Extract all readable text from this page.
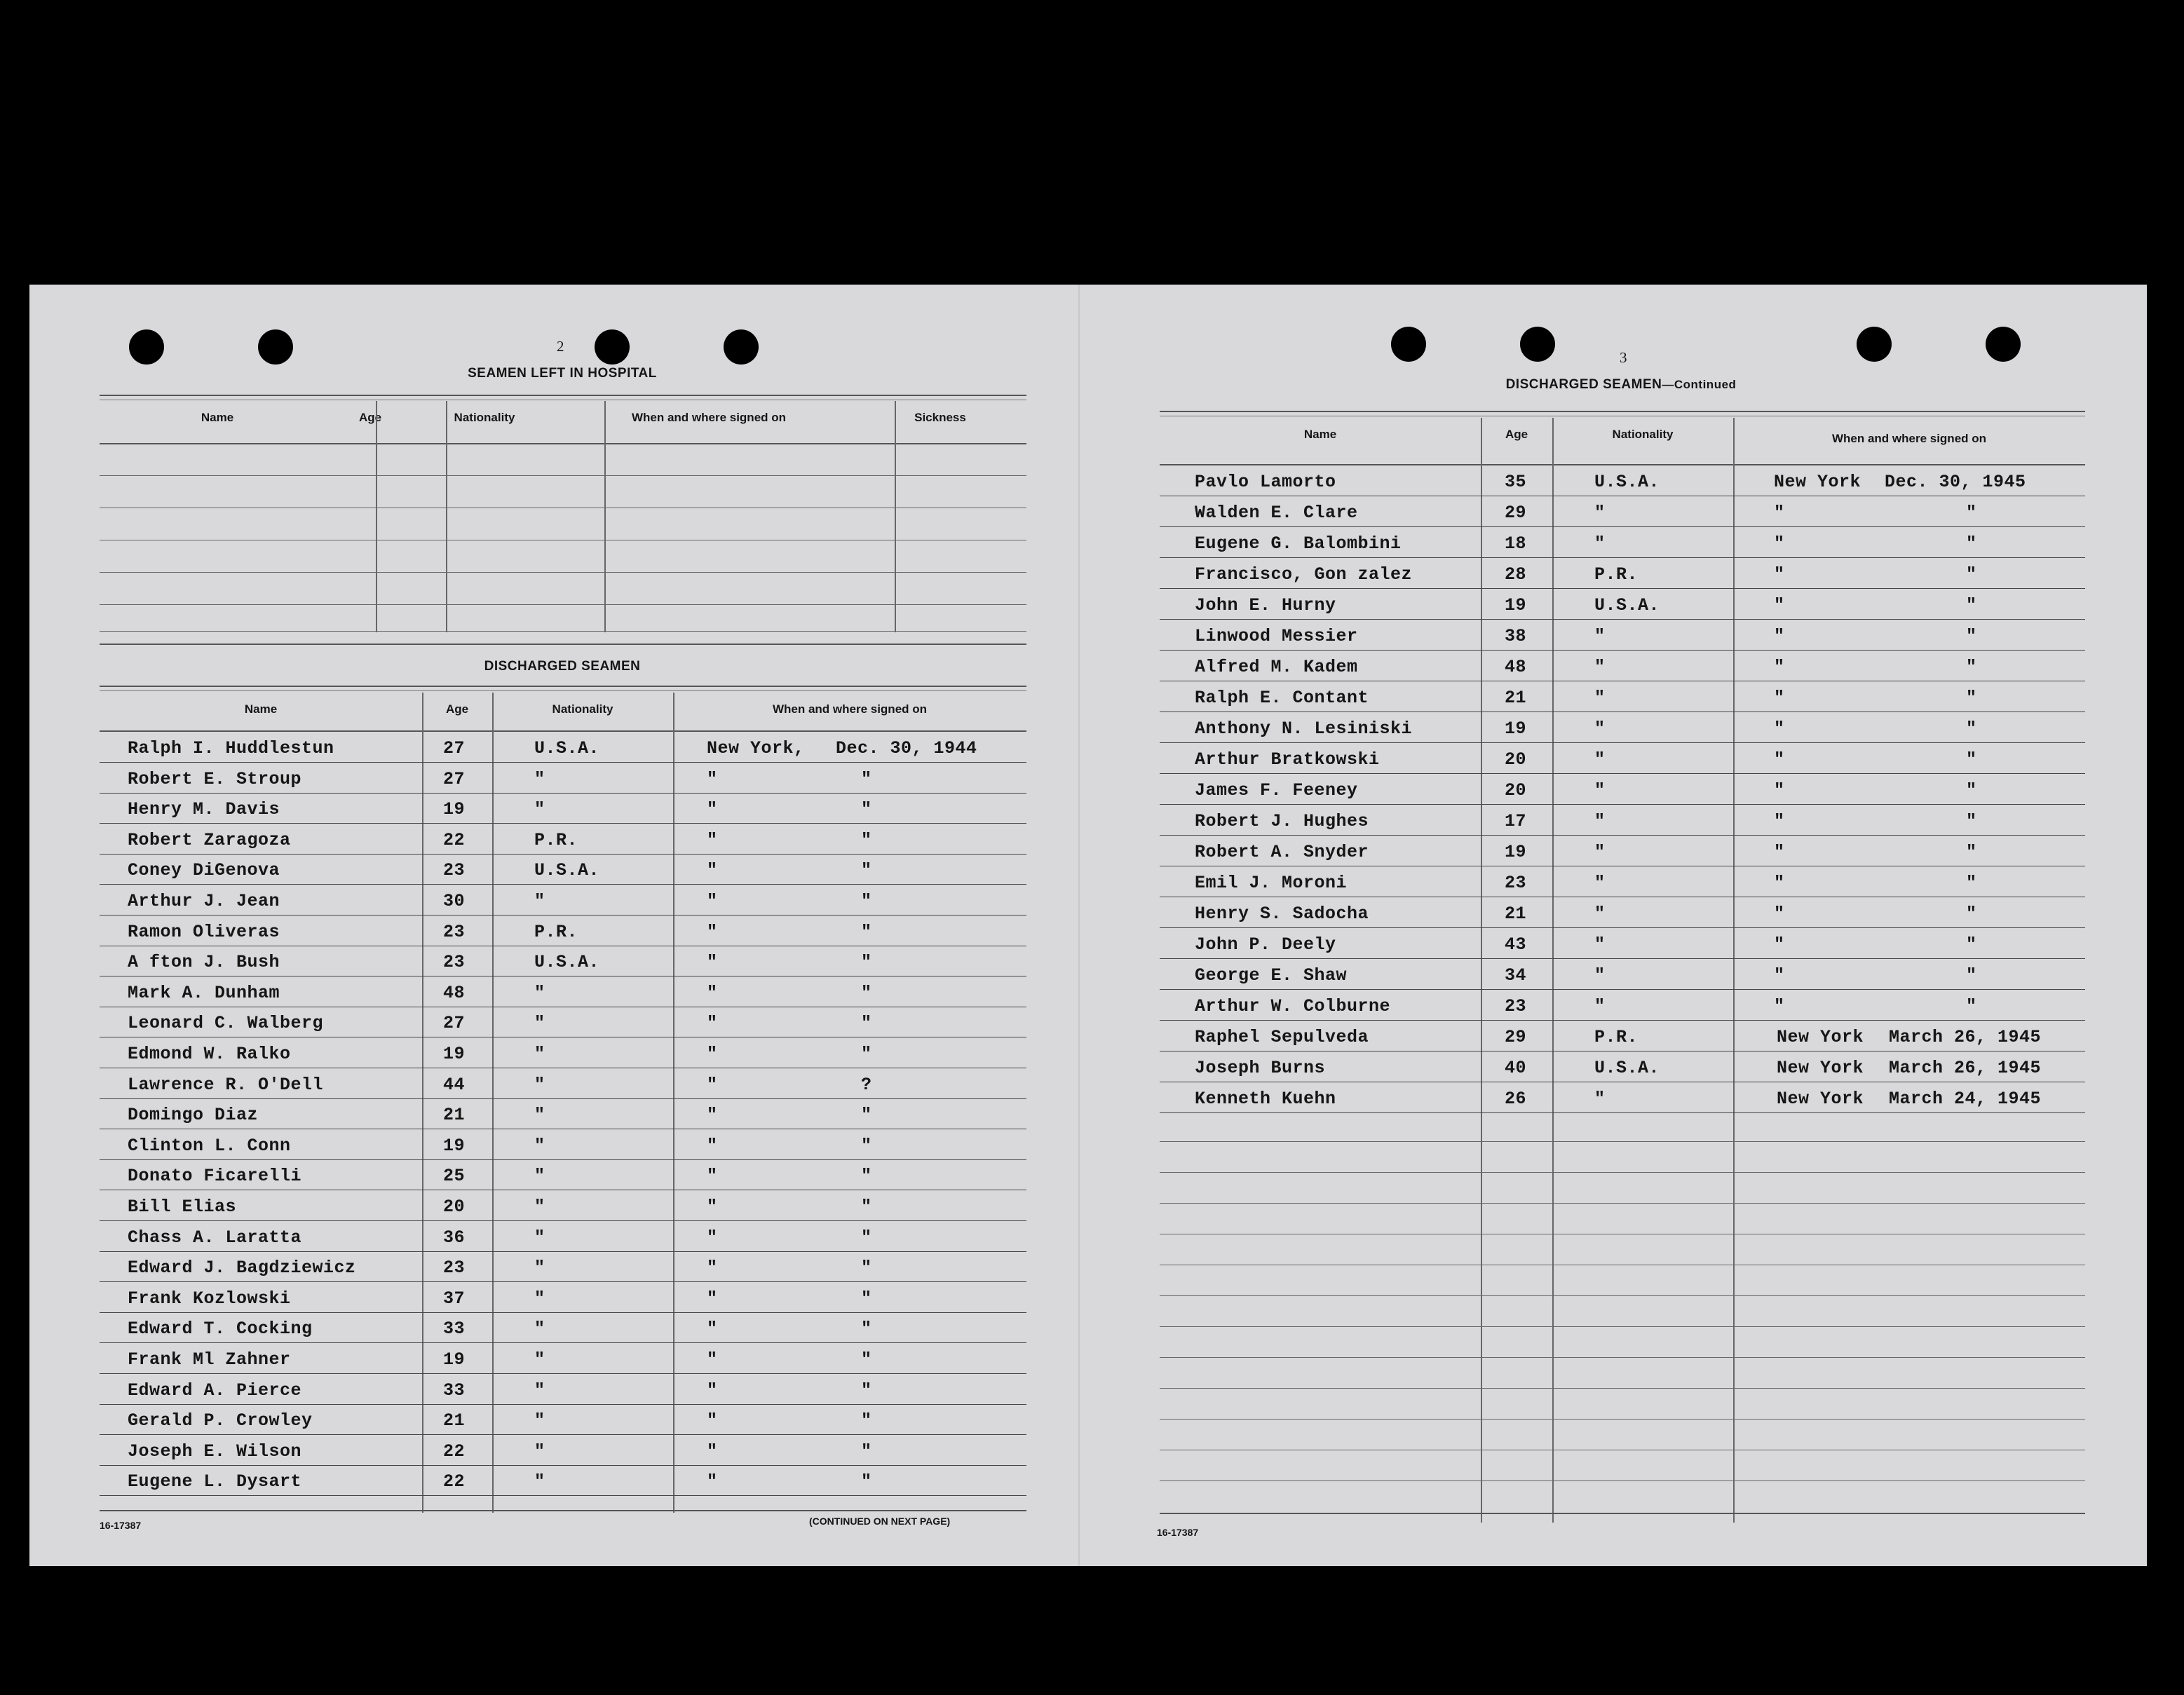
2
SEAMEN LEFT IN HOSPITAL
Name	Age	Nationality	When and where signed on	Sickness
DISCHARGED SEAMEN
Name	Age	Nationality	When and where signed on
Ralph I. Huddlestun	27	U.S.A.	New York, Dec. 30, 1944
Robert E. Stroup	27	"	"	"
Henry M. Davis	19	"	"	"
Robert Zaragoza	22	P.R.	"	"
Coney DiGenova	23	U.S.A.	"	"
Arthur J. Jean	30	"	"	"
Ramon Oliveras	23	P.R.	"	"
A fton J. Bush	23	U.S.A.	"	"
Mark A. Dunham	48	"	"	"
Leonard C. Walberg	27	"	"	"
Edmond W. Ralko	19	"	"	"
Lawrence R. O'Dell	44	"	"	?
Domingo Diaz	21	"	"	"
Clinton L. Conn	19	"	"	"
Donato Ficarelli	25	"	"	"
Bill Elias	20	"	"	"
Chass A. Laratta	36	"	"	"
Edward J. Bagdziewicz	23	"	"	"
Frank Kozlowski	37	"	"	"
Edward T. Cocking	33	"	"	"
Frank Ml Zahner	19	"	"	"
Edward A. Pierce	33	"	"	"
Gerald P. Crowley	21	"	"	"
Joseph E. Wilson	22	"	"	"
Eugene L. Dysart	22	"	"	"
16-17387	(CONTINUED ON NEXT PAGE)
3
DISCHARGED SEAMEN—Continued
Name	Age	Nationality	When and where signed on
Pavlo Lamorto	35	U.S.A.	New York Dec. 30, 1945
Walden E. Clare	29	"	"	"
Eugene G. Balombini	18	"	"	"
Francisco, Gon zalez	28	P.R.	"	"
John E. Hurny	19	U.S.A.	"	"
Linwood Messier	38	"	"	"
Alfred M. Kadem	48	"	"	"
Ralph E. Contant	21	"	"	"
Anthony N. Lesiniski	19	"	"	"
Arthur Bratkowski	20	"	"	"
James F. Feeney	20	"	"	"
Robert J. Hughes	17	"	"	"
Robert A. Snyder	19	"	"	"
Emil J. Moroni	23	"	"	"
Henry S. Sadocha	21	"	"	"
John P. Deely	43	"	"	"
George E. Shaw	34	"	"	"
Arthur W. Colburne	23	"	"	"
Raphel Sepulveda	29	P.R.	New York March 26, 1945
Joseph Burns	40	U.S.A.	New York March 26, 1945
Kenneth Kuehn	26	"	New York March 24, 1945
16-17387
